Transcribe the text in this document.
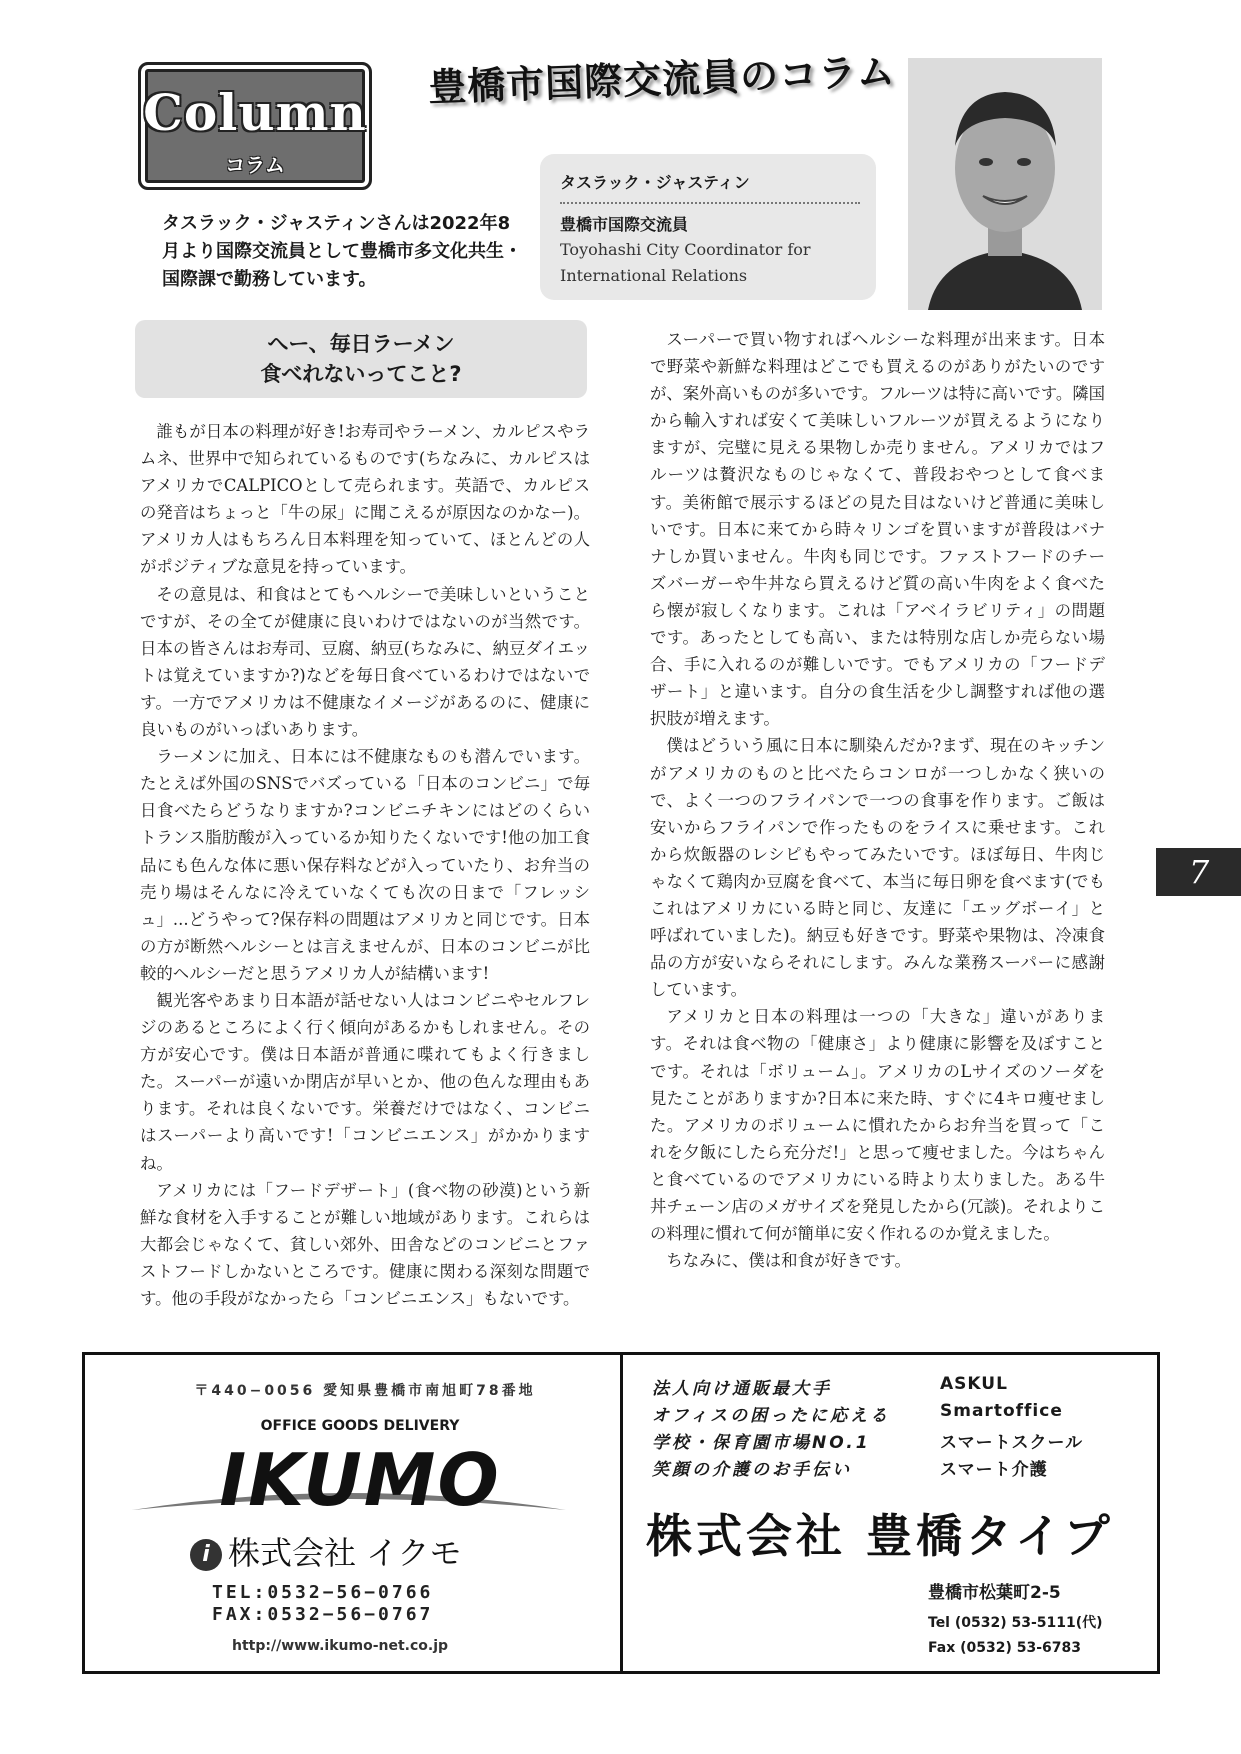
Column
コラム
豊橋市国際交流員のコラム
タスラック・ジャスティンさんは2022年8月より国際交流員として豊橋市多文化共生・国際課で勤務しています。
タスラック・ジャスティン
豊橋市国際交流員
Toyohashi City Coordinator for
International Relations
へー、毎日ラーメン
食べれないってこと?

誰もが日本の料理が好き!お寿司やラーメン、カルピスやラムネ、世界中で知られているものです(ちなみに、カルピスはアメリカでCALPICOとして売られます。英語で、カルピスの発音はちょっと「牛の尿」に聞こえるが原因なのかなー)。アメリカ人はもちろん日本料理を知っていて、ほとんどの人がポジティブな意見を持っています。

その意見は、和食はとてもヘルシーで美味しいということですが、その全てが健康に良いわけではないのが当然です。日本の皆さんはお寿司、豆腐、納豆(ちなみに、納豆ダイエットは覚えていますか?)などを毎日食べているわけではないです。一方でアメリカは不健康なイメージがあるのに、健康に良いものがいっぱいあります。

ラーメンに加え、日本には不健康なものも潜んでいます。たとえば外国のSNSでバズっている「日本のコンビニ」で毎日食べたらどうなりますか?コンビニチキンにはどのくらいトランス脂肪酸が入っているか知りたくないです!他の加工食品にも色んな体に悪い保存料などが入っていたり、お弁当の売り場はそんなに冷えていなくても次の日まで「フレッシュ」...どうやって?保存料の問題はアメリカと同じです。日本の方が断然ヘルシーとは言えませんが、日本のコンビニが比較的ヘルシーだと思うアメリカ人が結構います!

観光客やあまり日本語が話せない人はコンビニやセルフレジのあるところによく行く傾向があるかもしれません。その方が安心です。僕は日本語が普通に喋れてもよく行きました。スーパーが遠いか閉店が早いとか、他の色んな理由もあります。それは良くないです。栄養だけではなく、コンビニはスーパーより高いです!「コンビニエンス」がかかりますね。

アメリカには「フードデザート」(食べ物の砂漠)という新鮮な食材を入手することが難しい地域があります。これらは大都会じゃなくて、貧しい郊外、田舎などのコンビニとファストフードしかないところです。健康に関わる深刻な問題です。他の手段がなかったら「コンビニエンス」もないです。

スーパーで買い物すればヘルシーな料理が出来ます。日本で野菜や新鮮な料理はどこでも買えるのがありがたいのですが、案外高いものが多いです。フルーツは特に高いです。隣国から輸入すれば安くて美味しいフルーツが買えるようになりますが、完璧に見える果物しか売りません。アメリカではフルーツは贅沢なものじゃなくて、普段おやつとして食べます。美術館で展示するほどの見た目はないけど普通に美味しいです。日本に来てから時々リンゴを買いますが普段はバナナしか買いません。牛肉も同じです。ファストフードのチーズバーガーや牛丼なら買えるけど質の高い牛肉をよく食べたら懐が寂しくなります。これは「アベイラビリティ」の問題です。あったとしても高い、または特別な店しか売らない場合、手に入れるのが難しいです。でもアメリカの「フードデザート」と違います。自分の食生活を少し調整すれば他の選択肢が増えます。

僕はどういう風に日本に馴染んだか?まず、現在のキッチンがアメリカのものと比べたらコンロが一つしかなく狭いので、よく一つのフライパンで一つの食事を作ります。ご飯は安いからフライパンで作ったものをライスに乗せます。これから炊飯器のレシピもやってみたいです。ほぼ毎日、牛肉じゃなくて鶏肉か豆腐を食べて、本当に毎日卵を食べます(でもこれはアメリカにいる時と同じ、友達に「エッグボーイ」と呼ばれていました)。納豆も好きです。野菜や果物は、冷凍食品の方が安いならそれにします。みんな業務スーパーに感謝しています。

アメリカと日本の料理は一つの「大きな」違いがあります。それは食べ物の「健康さ」より健康に影響を及ぼすことです。それは「ボリューム」。アメリカのLサイズのソーダを見たことがありますか?日本に来た時、すぐに4キロ痩せました。アメリカのボリュームに慣れたからお弁当を買って「これを夕飯にしたら充分だ!」と思って痩せました。今はちゃんと食べているのでアメリカにいる時より太りました。ある牛丼チェーン店のメガサイズを発見したから(冗談)。それよりこの料理に慣れて何が簡単に安く作れるのか覚えました。

ちなみに、僕は和食が好きです。

7
〒440−0056 愛知県豊橋市南旭町78番地
OFFICE GOODS DELIVERY
IKUMO
i 株式会社 イクモ
TEL:0532−56−0766
FAX:0532−56−0767
http://www.ikumo-net.co.jp
法人向け通販最大手	ASKUL
オフィスの困ったに応える	Smartoffice
学校・保育園市場NO.1	スマートスクール
笑顔の介護のお手伝い	スマート介護
株式会社 豊橋タイプ
豊橋市松葉町2-5
Tel (0532) 53-5111(代)
Fax (0532) 53-6783
